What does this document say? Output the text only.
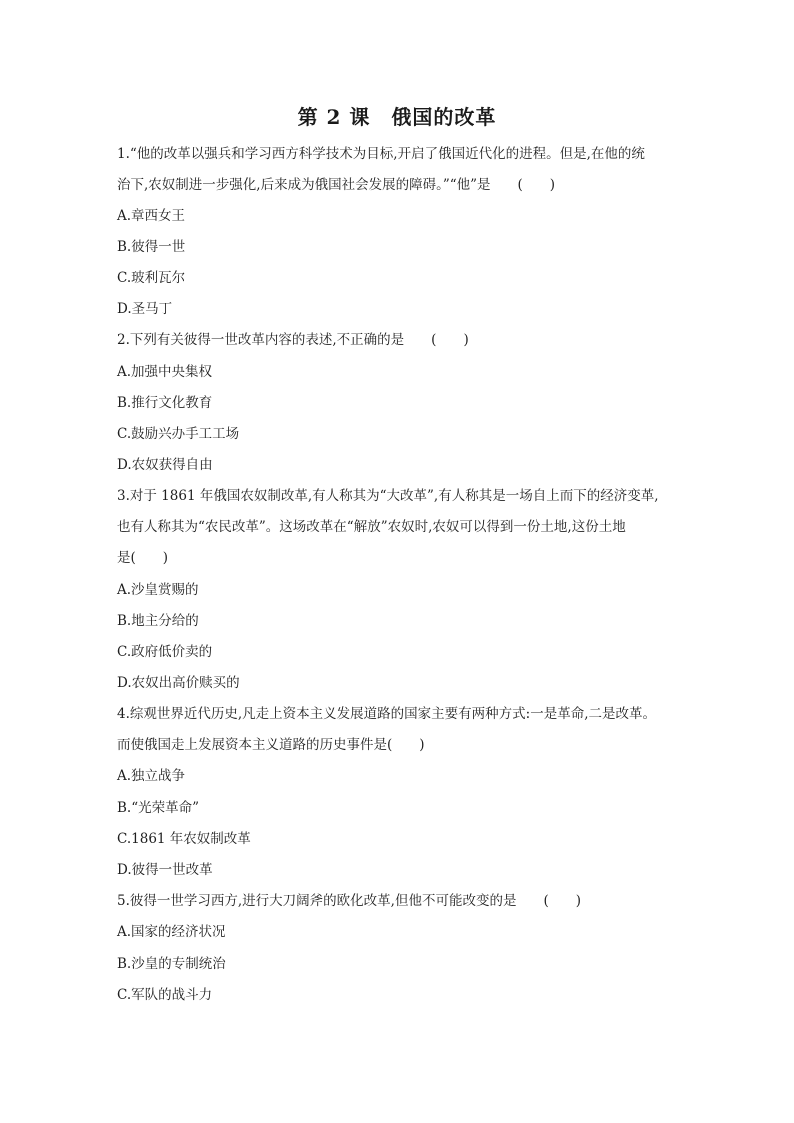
第 2 课　俄国的改革
1.“他的改革以强兵和学习西方科学技术为目标,开启了俄国近代化的进程。但是,在他的统
治下,农奴制进一步强化,后来成为俄国社会发展的障碍。”“他”是　　(　　)
A.章西女王
B.彼得一世
C.玻利瓦尔
D.圣马丁
2.下列有关彼得一世改革内容的表述,不正确的是　　(　　)
A.加强中央集权
B.推行文化教育
C.鼓励兴办手工工场
D.农奴获得自由
3.对于 1861 年俄国农奴制改革,有人称其为“大改革”,有人称其是一场自上而下的经济变革,
也有人称其为“农民改革”。这场改革在“解放”农奴时,农奴可以得到一份土地,这份土地
是(　　)
A.沙皇赏赐的
B.地主分给的
C.政府低价卖的
D.农奴出高价赎买的
4.综观世界近代历史,凡走上资本主义发展道路的国家主要有两种方式:一是革命,二是改革。
而使俄国走上发展资本主义道路的历史事件是(　　)
A.独立战争
B.“光荣革命”
C.1861 年农奴制改革
D.彼得一世改革
5.彼得一世学习西方,进行大刀阔斧的欧化改革,但他不可能改变的是　　(　　)
A.国家的经济状况
B.沙皇的专制统治
C.军队的战斗力
